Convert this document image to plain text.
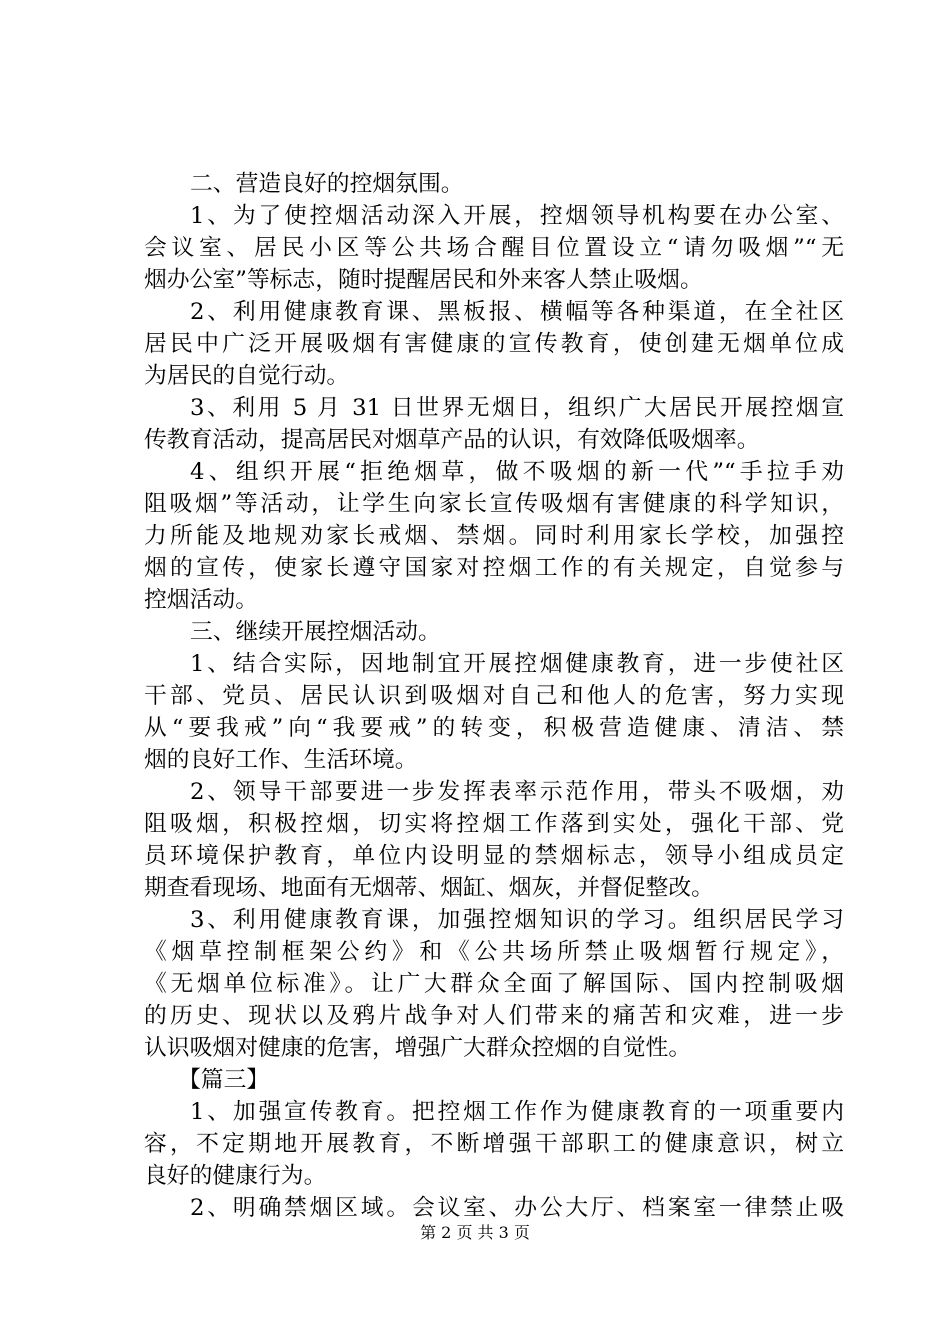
二、营造良好的控烟氛围。
1、为了使控烟活动深入开展，控烟领导机构要在办公室、
会议室、居民小区等公共场合醒目位置设立“请勿吸烟”“无
烟办公室”等标志，随时提醒居民和外来客人禁止吸烟。
2、利用健康教育课、黑板报、横幅等各种渠道，在全社区
居民中广泛开展吸烟有害健康的宣传教育，使创建无烟单位成
为居民的自觉行动。
3、利用 5 月 31 日世界无烟日，组织广大居民开展控烟宣
传教育活动，提高居民对烟草产品的认识，有效降低吸烟率。
4、组织开展“拒绝烟草，做不吸烟的新一代”“手拉手劝
阻吸烟”等活动，让学生向家长宣传吸烟有害健康的科学知识，
力所能及地规劝家长戒烟、禁烟。同时利用家长学校，加强控
烟的宣传，使家长遵守国家对控烟工作的有关规定，自觉参与
控烟活动。
三、继续开展控烟活动。
1、结合实际，因地制宜开展控烟健康教育，进一步使社区
干部、党员、居民认识到吸烟对自己和他人的危害，努力实现
从“要我戒”向“我要戒”的转变，积极营造健康、清洁、禁
烟的良好工作、生活环境。
2、领导干部要进一步发挥表率示范作用，带头不吸烟，劝
阻吸烟，积极控烟，切实将控烟工作落到实处，强化干部、党
员环境保护教育，单位内设明显的禁烟标志，领导小组成员定
期查看现场、地面有无烟蒂、烟缸、烟灰，并督促整改。
3、利用健康教育课，加强控烟知识的学习。组织居民学习
《烟草控制框架公约》和《公共场所禁止吸烟暂行规定》，
《无烟单位标准》。让广大群众全面了解国际、国内控制吸烟
的历史、现状以及鸦片战争对人们带来的痛苦和灾难，进一步
认识吸烟对健康的危害，增强广大群众控烟的自觉性。
【篇三】
1、加强宣传教育。把控烟工作作为健康教育的一项重要内
容，不定期地开展教育，不断增强干部职工的健康意识，树立
良好的健康行为。
2、明确禁烟区域。会议室、办公大厅、档案室一律禁止吸
第 2 页 共 3 页
